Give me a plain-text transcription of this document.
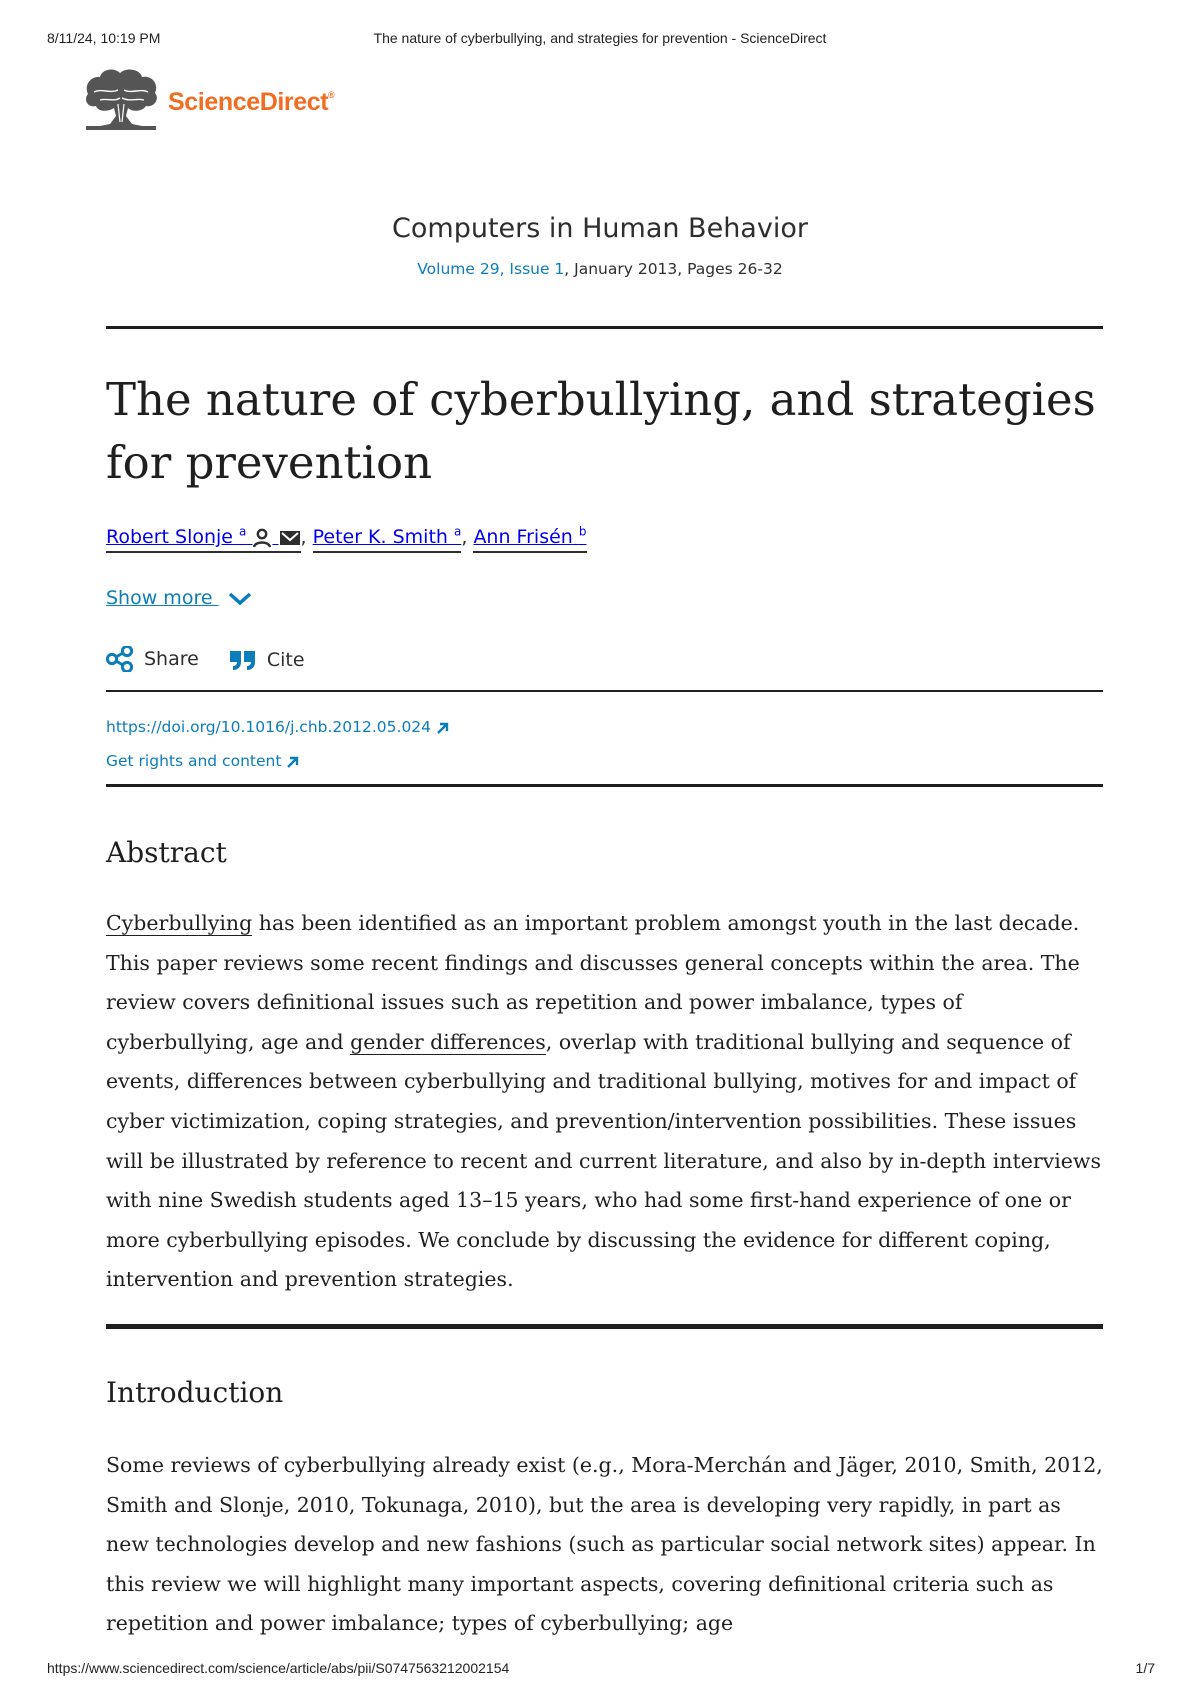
8/11/24, 10:19 PM	The nature of cyberbullying, and strategies for prevention - ScienceDirect
ScienceDirect®
Computers in Human Behavior
Volume 29, Issue 1, January 2013, Pages 26-32
The nature of cyberbullying, and strategies for prevention
Robert Slonje $^a$	, Peter K. Smith $^a$, Ann Frisén $^b$
Show more
Share
	Cite
https://doi.org/10.1016/j.chb.2012.05.024
Get rights and content
Abstract

Cyberbullying has been identified as an important problem amongst youth in the last decade. This paper reviews some recent findings and discusses general concepts within the area. The review covers definitional issues such as repetition and power imbalance, types of cyberbullying, age and gender differences, overlap with traditional bullying and sequence of events, differences between cyberbullying and traditional bullying, motives for and impact of cyber victimization, coping strategies, and prevention/intervention possibilities. These issues will be illustrated by reference to recent and current literature, and also by in-depth interviews with nine Swedish students aged 13–15 years, who had some first-hand experience of one or more cyberbullying episodes. We conclude by discussing the evidence for different coping, intervention and prevention strategies.

Introduction

Some reviews of cyberbullying already exist (e.g., Mora-Merchán and Jäger, 2010, Smith, 2012, Smith and Slonje, 2010, Tokunaga, 2010), but the area is developing very rapidly, in part as new technologies develop and new fashions (such as particular social network sites) appear. In this review we will highlight many important aspects, covering definitional criteria such as repetition and power imbalance; types of cyberbullying; age

https://www.sciencedirect.com/science/article/abs/pii/S0747563212002154	1/7
